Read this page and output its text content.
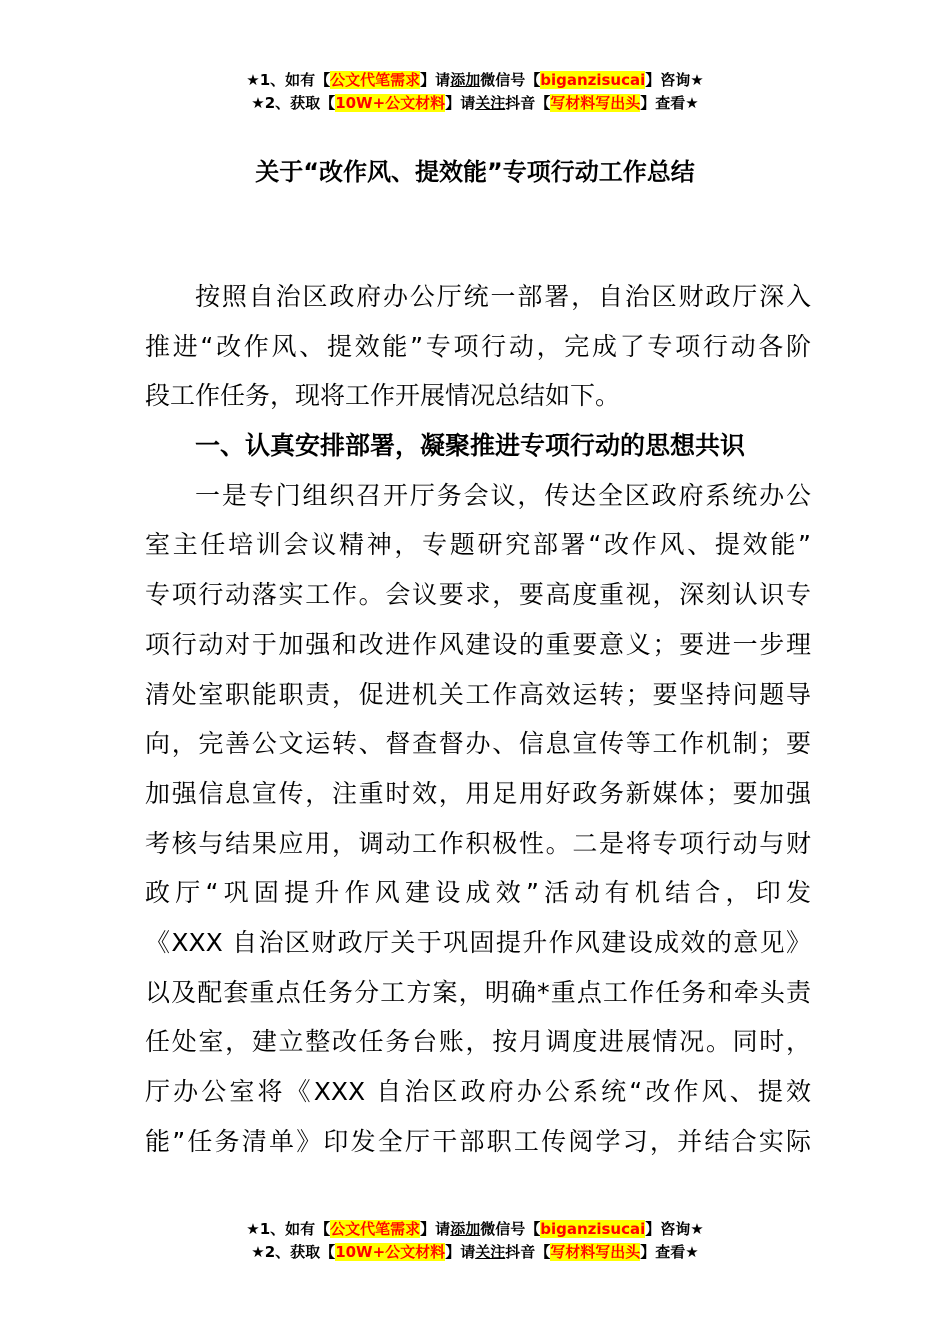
★1、如有【公文代笔需求】请添加微信号【biganzisucai】咨询★
★2、获取【10W+公文材料】请关注抖音【写材料写出头】查看★
关于“改作风、提效能”专项行动工作总结
按照自治区政府办公厅统一部署，自治区财政厅深入
推进“改作风、提效能”专项行动，完成了专项行动各阶
段工作任务，现将工作开展情况总结如下。
一、认真安排部署，凝聚推进专项行动的思想共识
一是专门组织召开厅务会议，传达全区政府系统办公
室主任培训会议精神，专题研究部署“改作风、提效能”
专项行动落实工作。会议要求，要高度重视，深刻认识专
项行动对于加强和改进作风建设的重要意义；要进一步理
清处室职能职责，促进机关工作高效运转；要坚持问题导
向，完善公文运转、督查督办、信息宣传等工作机制；要
加强信息宣传，注重时效，用足用好政务新媒体；要加强
考核与结果应用，调动工作积极性。二是将专项行动与财
政厅“巩固提升作风建设成效”活动有机结合，印发
《XXX 自治区财政厅关于巩固提升作风建设成效的意见》
以及配套重点任务分工方案，明确*重点工作任务和牵头责
任处室，建立整改任务台账，按月调度进展情况。同时，
厅办公室将《XXX 自治区政府办公系统“改作风、提效
能”任务清单》印发全厅干部职工传阅学习，并结合实际
★1、如有【公文代笔需求】请添加微信号【biganzisucai】咨询★
★2、获取【10W+公文材料】请关注抖音【写材料写出头】查看★
